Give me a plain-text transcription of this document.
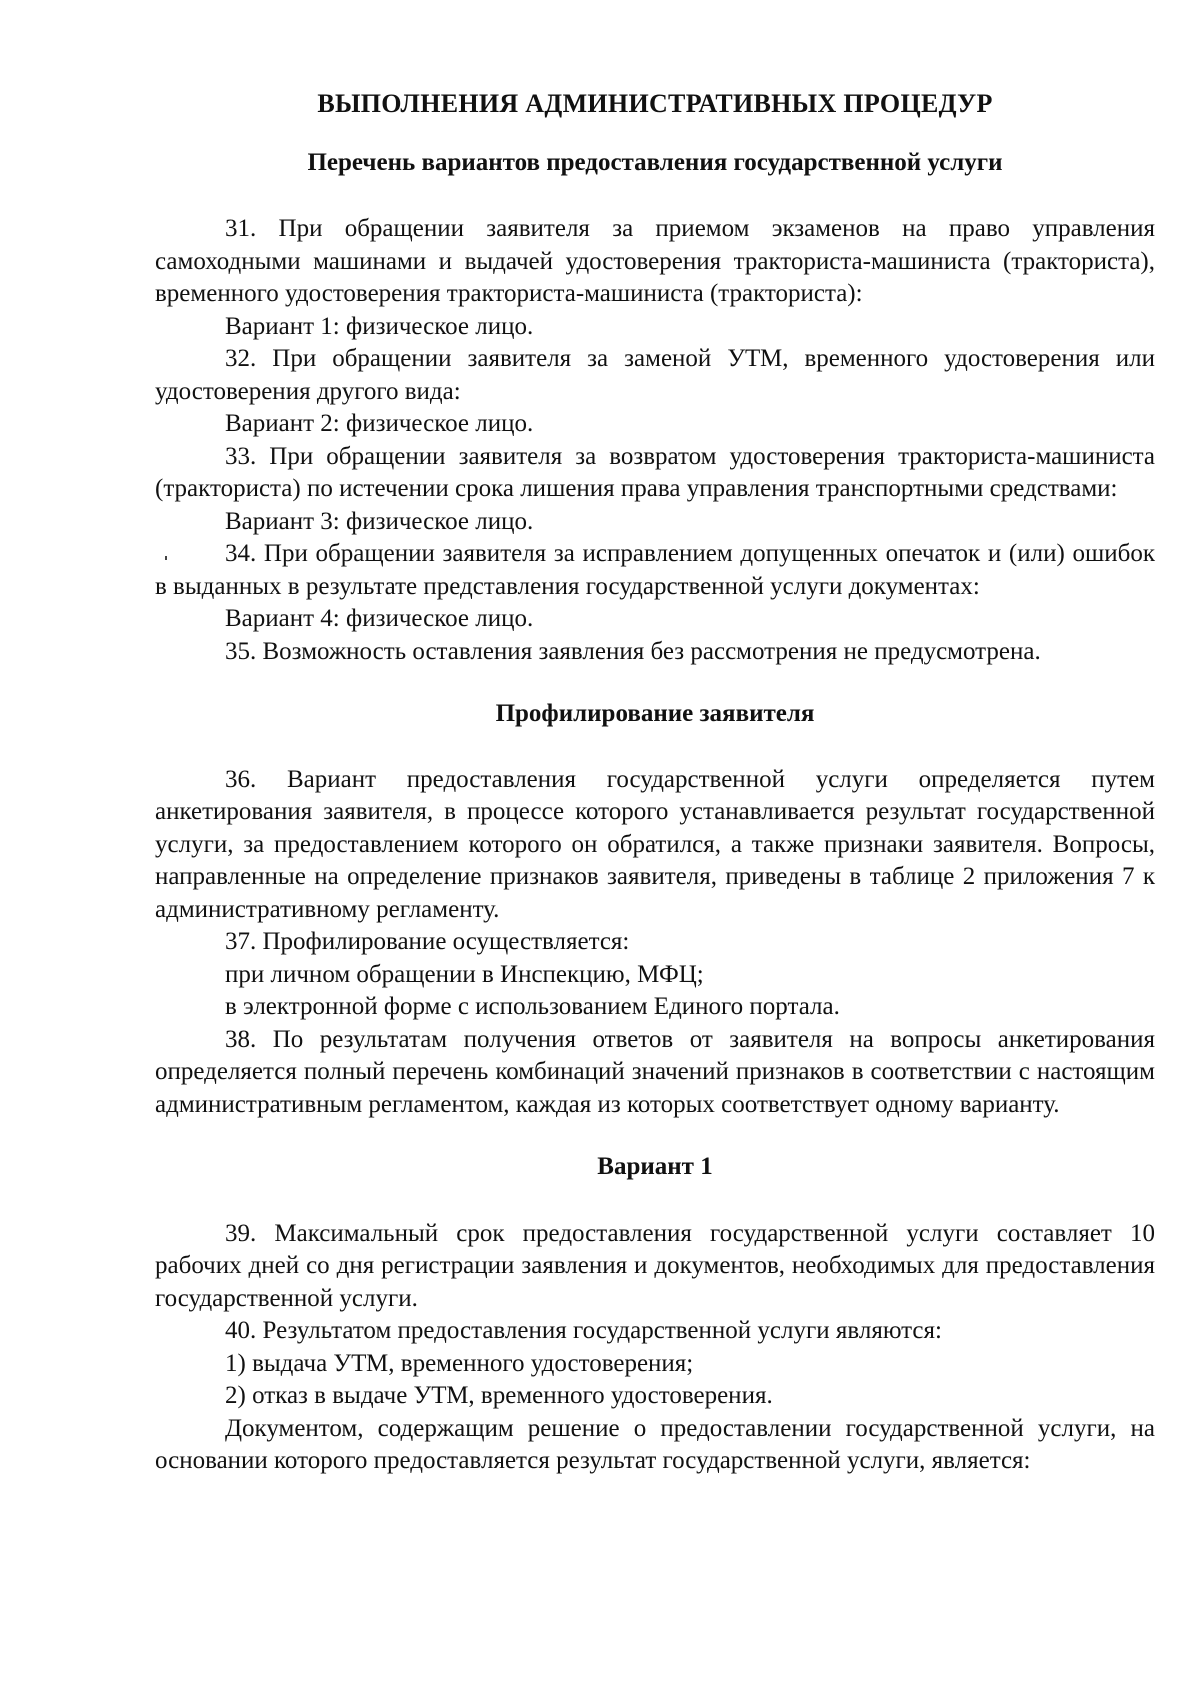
ВЫПОЛНЕНИЯ АДМИНИСТРАТИВНЫХ ПРОЦЕДУР
Перечень вариантов предоставления государственной услуги

31. При обращении заявителя за приемом экзаменов на право управления самоходными машинами и выдачей удостоверения тракториста-машиниста (тракториста), временного удостоверения тракториста-машиниста (тракториста):

Вариант 1: физическое лицо.

32. При обращении заявителя за заменой УТМ, временного удостоверения или удостоверения другого вида:

Вариант 2: физическое лицо.

33. При обращении заявителя за возвратом удостоверения тракториста-машиниста (тракториста) по истечении срока лишения права управления транспортными средствами:

Вариант 3: физическое лицо.

34. При обращении заявителя за исправлением допущенных опечаток и (или) ошибок в выданных в результате представления государственной услуги документах:

Вариант 4: физическое лицо.

35. Возможность оставления заявления без рассмотрения не предусмотрена.

Профилирование заявителя

36. Вариант предоставления государственной услуги определяется путем анкетирования заявителя, в процессе которого устанавливается результат государственной услуги, за предоставлением которого он обратился, а также признаки заявителя. Вопросы, направленные на определение признаков заявителя, приведены в таблице 2 приложения 7 к административному регламенту.

37. Профилирование осуществляется:

при личном обращении в Инспекцию, МФЦ;

в электронной форме с использованием Единого портала.

38. По результатам получения ответов от заявителя на вопросы анкетирования определяется полный перечень комбинаций значений признаков в соответствии с настоящим административным регламентом, каждая из которых соответствует одному варианту.

Вариант 1

39. Максимальный срок предоставления государственной услуги составляет 10 рабочих дней со дня регистрации заявления и документов, необходимых для предоставления государственной услуги.

40. Результатом предоставления государственной услуги являются:

1) выдача УТМ, временного удостоверения;

2) отказ в выдаче УТМ, временного удостоверения.

Документом, содержащим решение о предоставлении государственной услуги, на основании которого предоставляется результат государственной услуги, является:
